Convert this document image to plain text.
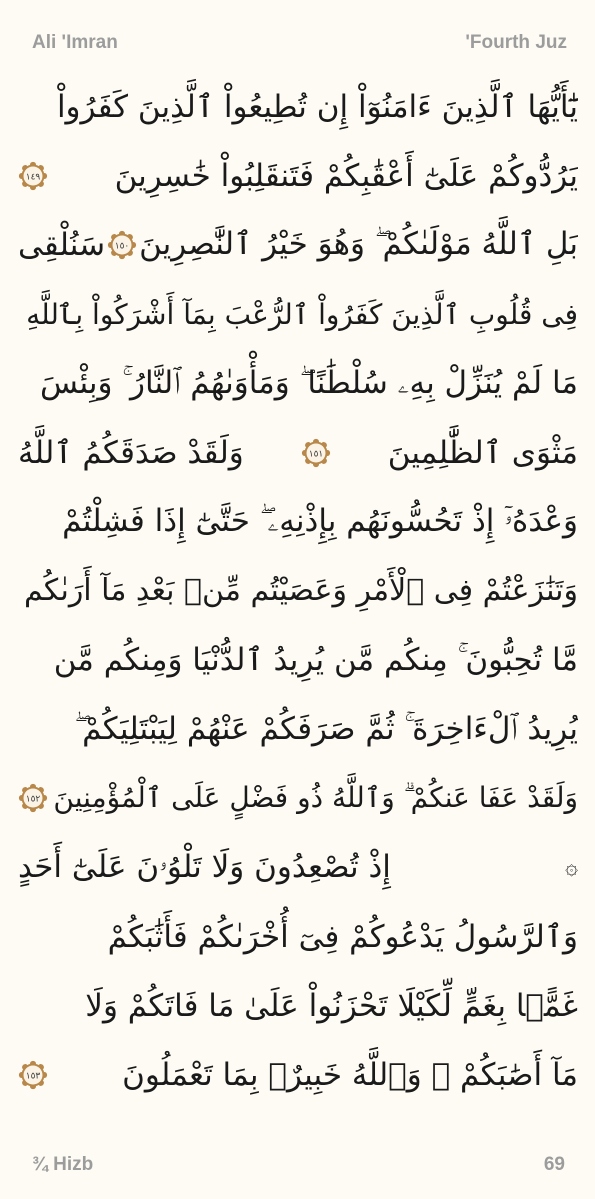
Ali 'Imran	'Fourth Juz
يَٰٓأَيُّهَا ٱلَّذِينَ ءَامَنُوٓاْ إِن تُطِيعُواْ ٱلَّذِينَ كَفَرُواْ
يَرُدُّوكُمْ عَلَىٰٓ أَعْقَٰبِكُمْ فَتَنقَلِبُواْ خَٰسِرِينَ
١٤٩
بَلِ ٱللَّهُ مَوْلَىٰكُمْ ۖ وَهُوَ خَيْرُ ٱلنَّٰصِرِينَ
١٥٠
سَنُلْقِى
فِى قُلُوبِ ٱلَّذِينَ كَفَرُواْ ٱلرُّعْبَ بِمَآ أَشْرَكُواْ بِٱللَّهِ
مَا لَمْ يُنَزِّلْ بِهِۦ سُلْطَٰنًا ۖ وَمَأْوَىٰهُمُ ٱلنَّارُ ۚ وَبِئْسَ
مَثْوَى ٱلظَّٰلِمِينَ
١٥١
وَلَقَدْ صَدَقَكُمُ ٱللَّهُ
وَعْدَهُۥٓ إِذْ تَحُسُّونَهُم بِإِذْنِهِۦ ۖ حَتَّىٰٓ إِذَا فَشِلْتُمْ
وَتَنَٰزَعْتُمْ فِى ٱلْأَمْرِ وَعَصَيْتُم مِّنۢ بَعْدِ مَآ أَرَىٰكُم
مَّا تُحِبُّونَ ۚ مِنكُم مَّن يُرِيدُ ٱلدُّنْيَا وَمِنكُم مَّن
يُرِيدُ ٱلْءَاخِرَةَ ۚ ثُمَّ صَرَفَكُمْ عَنْهُمْ لِيَبْتَلِيَكُمْ ۖ
وَلَقَدْ عَفَا عَنكُمْ ۗ وَٱللَّهُ ذُو فَضْلٍ عَلَى ٱلْمُؤْمِنِينَ
١٥٢
۞
إِذْ تُصْعِدُونَ وَلَا تَلْوُۥنَ عَلَىٰٓ أَحَدٍ
وَٱلرَّسُولُ يَدْعُوكُمْ فِىٓ أُخْرَىٰكُمْ فَأَثَٰبَكُمْ
غَمًّۢا بِغَمٍّ لِّكَيْلَا تَحْزَنُواْ عَلَىٰ مَا فَاتَكُمْ وَلَا
مَآ أَصَٰبَكُمْ ۗ وَٱللَّهُ خَبِيرٌۢ بِمَا تَعْمَلُونَ
١٥٣
¾ Hizb	69
